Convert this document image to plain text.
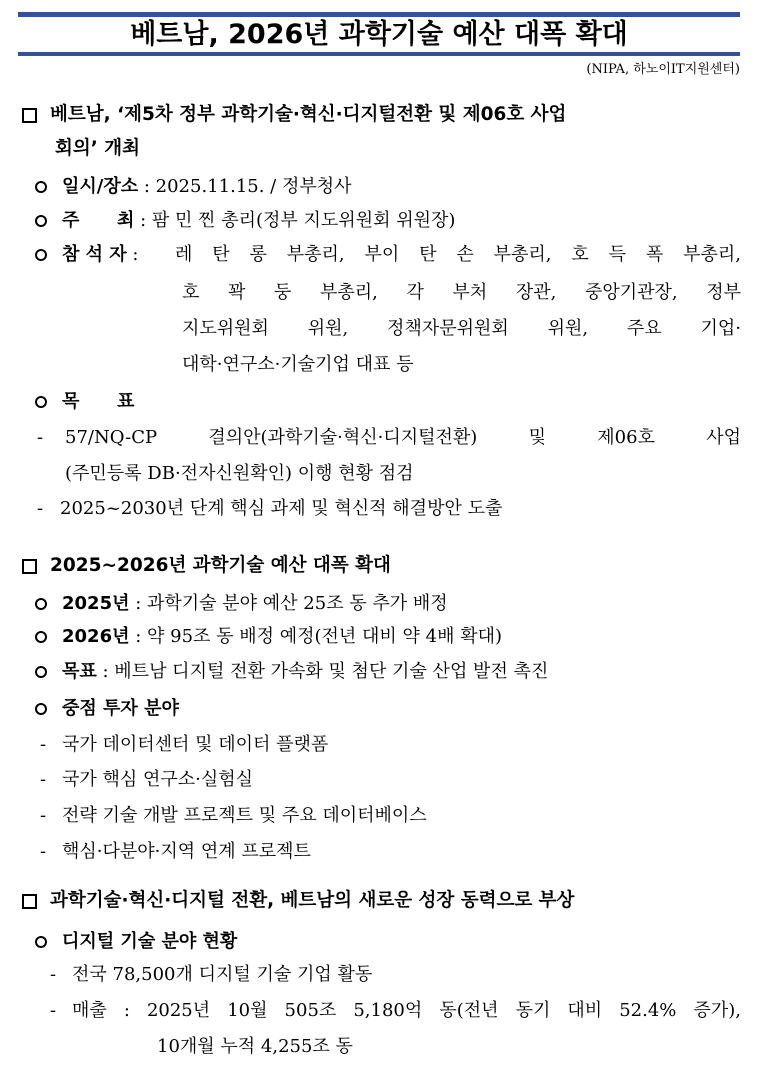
베트남, 2026년 과학기술 예산 대폭 확대
(NIPA, 하노이IT지원센터)
베트남, ‘제5차 정부 과학기술·혁신·디지털전환 및 제06호 사업
회의’ 개최
일시/장소 : 2025.11.15. / 정부청사
주      최 : 팜 민 찐 총리(정부 지도위원회 위원장)
참 석 자 : 레 탄 롱 부총리, 부이 탄 손 부총리, 호 득 폭 부총리,
호 꽉 둥 부총리, 각 부처 장관, 중앙기관장, 정부
지도위원회 위원, 정책자문위원회 위원, 주요 기업·
대학·연구소·기술기업 대표 등
목      표
- 57/NQ-CP 결의안(과학기술·혁신·디지털전환) 및 제06호 사업
(주민등록 DB·전자신원확인) 이행 현황 점검
- 2025~2030년 단계 핵심 과제 및 혁신적 해결방안 도출
2025~2026년 과학기술 예산 대폭 확대
2025년 : 과학기술 분야 예산 25조 동 추가 배정
2026년 : 약 95조 동 배정 예정(전년 대비 약 4배 확대)
목표 : 베트남 디지털 전환 가속화 및 첨단 기술 산업 발전 촉진
중점 투자 분야
- 국가 데이터센터 및 데이터 플랫폼
- 국가 핵심 연구소·실험실
- 전략 기술 개발 프로젝트 및 주요 데이터베이스
- 핵심·다분야·지역 연계 프로젝트
과학기술·혁신·디지털 전환, 베트남의 새로운 성장 동력으로 부상
디지털 기술 분야 현황
- 전국 78,500개 디지털 기술 기업 활동
- 매출 : 2025년 10월 505조 5,180억 동(전년 동기 대비 52.4% 증가),
10개월 누적 4,255조 동
